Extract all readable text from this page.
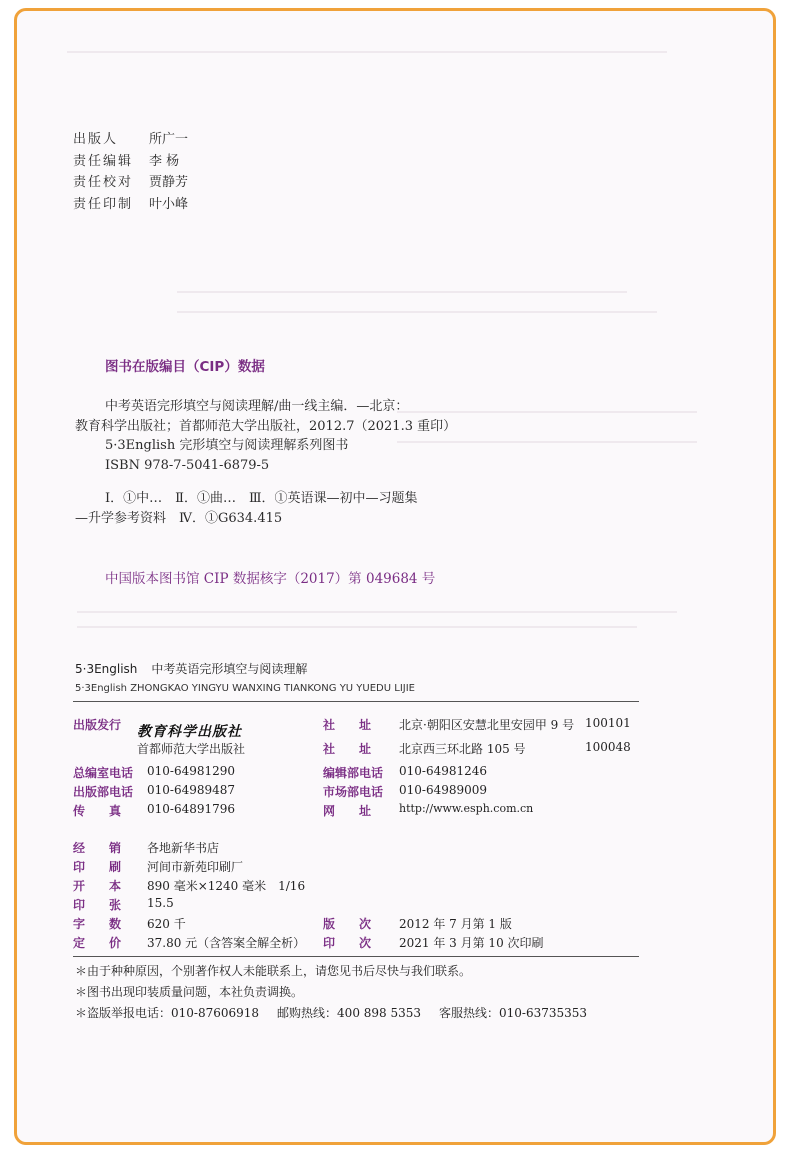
出版人 所广一
责任编辑 李 杨
责任校对 贾静芳
责任印制 叶小峰
图书在版编目（CIP）数据

中考英语完形填空与阅读理解/曲一线主编．—北京：

教育科学出版社；首都师范大学出版社，2012.7（2021.3 重印）

5·3English 完形填空与阅读理解系列图书

ISBN 978-7-5041-6879-5

Ⅰ．①中…　Ⅱ．①曲…　Ⅲ．①英语课—初中—习题集

—升学参考资料　Ⅳ．①G634.415

中国版本图书馆 CIP 数据核字（2017）第 049684 号
5·3English 中考英语完形填空与阅读理解
5·3English ZHONGKAO YINGYU WANXING TIANKONG YU YUEDU LIJIE
出版发行 教育科学出版社
首都师范大学出版社
社　　址 北京·朝阳区安慧北里安园甲 9 号 100101
社　　址 北京西三环北路 105 号	100048
总编室电话 010-64981290	编辑部电话 010-64981246
出版部电话 010-64989487	市场部电话 010-64989009
传　　真 010-64891796	网　　址	http://www.esph.com.cn
经　　销 各地新华书店
印　　刷 河间市新苑印刷厂
开　　本 890 毫米×1240 毫米　1/16
印　　张 15.5
字　　数 620 千	版　　次 2012 年 7 月第 1 版
定　　价 37.80 元（含答案全解全析） 印　　次 2021 年 3 月第 10 次印刷

＊由于种种原因，个别著作权人未能联系上，请您见书后尽快与我们联系。

＊图书出现印装质量问题，本社负责调换。

＊盗版举报电话：010-87606918 邮购热线：400 898 5353 客服热线：010-63735353
